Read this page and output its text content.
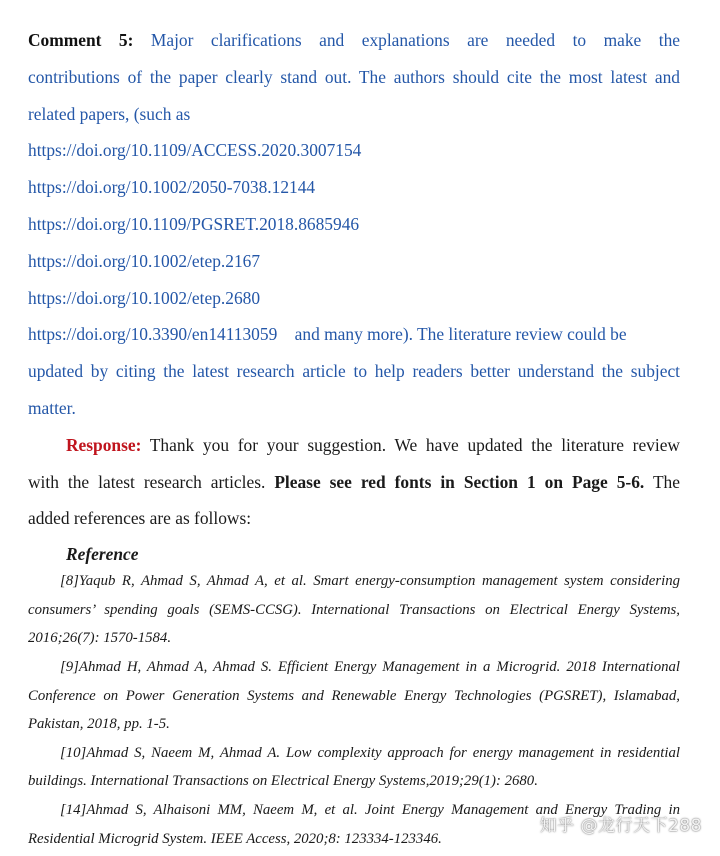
Comment 5: Major clarifications and explanations are needed to make the

contributions of the paper clearly stand out. The authors should cite the most latest and

related papers, (such as

https://doi.org/10.1109/ACCESS.2020.3007154

https://doi.org/10.1002/2050-7038.12144

https://doi.org/10.1109/PGSRET.2018.8685946

https://doi.org/10.1002/etep.2167

https://doi.org/10.1002/etep.2680

https://doi.org/10.3390/en14113059 and many more). The literature review could be

updated by citing the latest research article to help readers better understand the subject

matter.

Response: Thank you for your suggestion. We have updated the literature review

with the latest research articles. Please see red fonts in Section 1 on Page 5-6. The

added references are as follows:

Reference

[8]Yaqub R, Ahmad S, Ahmad A, et al. Smart energy-consumption management system considering consumers’ spending goals (SEMS-CCSG). International Transactions on Electrical Energy Systems, 2016;26(7): 1570-1584.

[9]Ahmad H, Ahmad A, Ahmad S. Efficient Energy Management in a Microgrid. 2018 International Conference on Power Generation Systems and Renewable Energy Technologies (PGSRET), Islamabad, Pakistan, 2018, pp. 1-5.

[10]Ahmad S, Naeem M, Ahmad A. Low complexity approach for energy management in residential buildings. International Transactions on Electrical Energy Systems,2019;29(1): 2680.

[14]Ahmad S, Alhaisoni MM, Naeem M, et al. Joint Energy Management and Energy Trading in Residential Microgrid System. IEEE Access, 2020;8: 123334-123346.

知乎 @龙行天下288
